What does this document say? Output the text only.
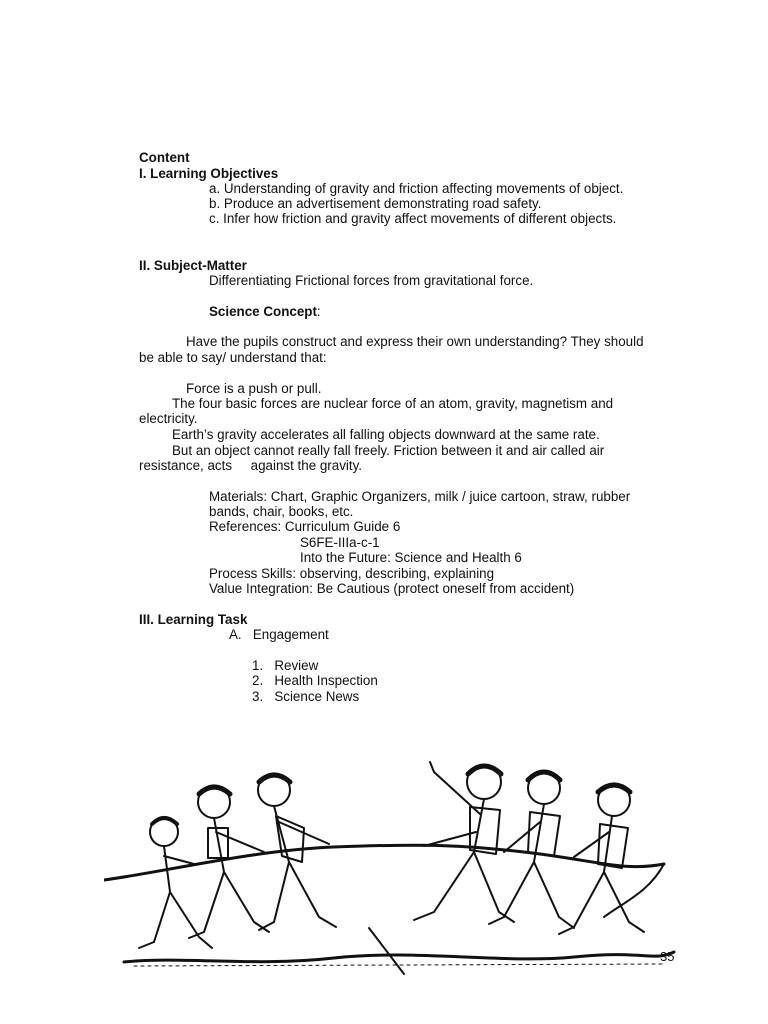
Content
I. Learning Objectives
a. Understanding of gravity and friction affecting movements of object.
b. Produce an advertisement demonstrating road safety.
c. Infer how friction and gravity affect movements of different objects.
II. Subject-Matter
Differentiating Frictional forces from gravitational force.
Science Concept:
Have the pupils construct and express their own understanding? They should
be able to say/ understand that:
Force is a push or pull.
The four basic forces are nuclear force of an atom, gravity, magnetism and
electricity.
Earth’s gravity accelerates all falling objects downward at the same rate.
But an object cannot really fall freely. Friction between it and air called air
resistance, acts     against the gravity.
Materials: Chart, Graphic Organizers, milk / juice cartoon, straw, rubber
bands, chair, books, etc.
References: Curriculum Guide 6
S6FE-IIIa-c-1
Into the Future: Science and Health 6
Process Skills: observing, describing, explaining
Value Integration: Be Cautious (protect oneself from accident)
III. Learning Task
A.   Engagement
1.   Review
2.   Health Inspection
3.   Science News
35
